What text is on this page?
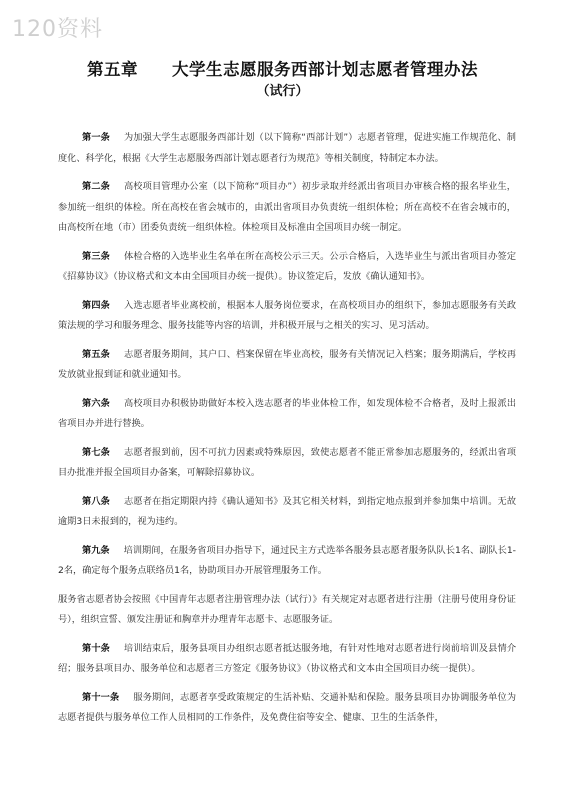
120资料
第五章 大学生志愿服务西部计划志愿者管理办法
（试行）

第一条 为加强大学生志愿服务西部计划（以下简称“西部计划”）志愿者管理，促进实施工作规范化、制度化、科学化，根据《大学生志愿服务西部计划志愿者行为规范》等相关制度，特制定本办法。

第二条 高校项目管理办公室（以下简称“项目办”）初步录取并经派出省项目办审核合格的报名毕业生，参加统一组织的体检。所在高校在省会城市的，由派出省项目办负责统一组织体检；所在高校不在省会城市的，由高校所在地（市）团委负责统一组织体检。体检项目及标准由全国项目办统一制定。

第三条 体检合格的入选毕业生名单在所在高校公示三天。公示合格后，入选毕业生与派出省项目办签定《招募协议》（协议格式和文本由全国项目办统一提供）。协议签定后，发放《确认通知书》。

第四条 入选志愿者毕业离校前，根据本人服务岗位要求，在高校项目办的组织下，参加志愿服务有关政策法规的学习和服务理念、服务技能等内容的培训，并积极开展与之相关的实习、见习活动。

第五条 志愿者服务期间，其户口、档案保留在毕业高校，服务有关情况记入档案；服务期满后，学校再发放就业报到证和就业通知书。

第六条 高校项目办积极协助做好本校入选志愿者的毕业体检工作，如发现体检不合格者，及时上报派出省项目办并进行替换。

第七条 志愿者报到前，因不可抗力因素或特殊原因，致使志愿者不能正常参加志愿服务的，经派出省项目办批准并报全国项目办备案，可解除招募协议。

第八条 志愿者在指定期限内持《确认通知书》及其它相关材料，到指定地点报到并参加集中培训。无故逾期3日未报到的，视为违约。

第九条 培训期间，在服务省项目办指导下，通过民主方式选举各服务县志愿者服务队队长1名、副队长1-2名，确定每个服务点联络员1名，协助项目办开展管理服务工作。

服务省志愿者协会按照《中国青年志愿者注册管理办法（试行）》有关规定对志愿者进行注册（注册号使用身份证号），组织宣誓、颁发注册证和胸章并办理青年志愿卡、志愿服务证。

第十条 培训结束后，服务县项目办组织志愿者抵达服务地，有针对性地对志愿者进行岗前培训及县情介绍；服务县项目办、服务单位和志愿者三方签定《服务协议》（协议格式和文本由全国项目办统一提供）。

第十一条 服务期间，志愿者享受政策规定的生活补贴、交通补贴和保险。服务县项目办协调服务单位为志愿者提供与服务单位工作人员相同的工作条件，及免费住宿等安全、健康、卫生的生活条件，
